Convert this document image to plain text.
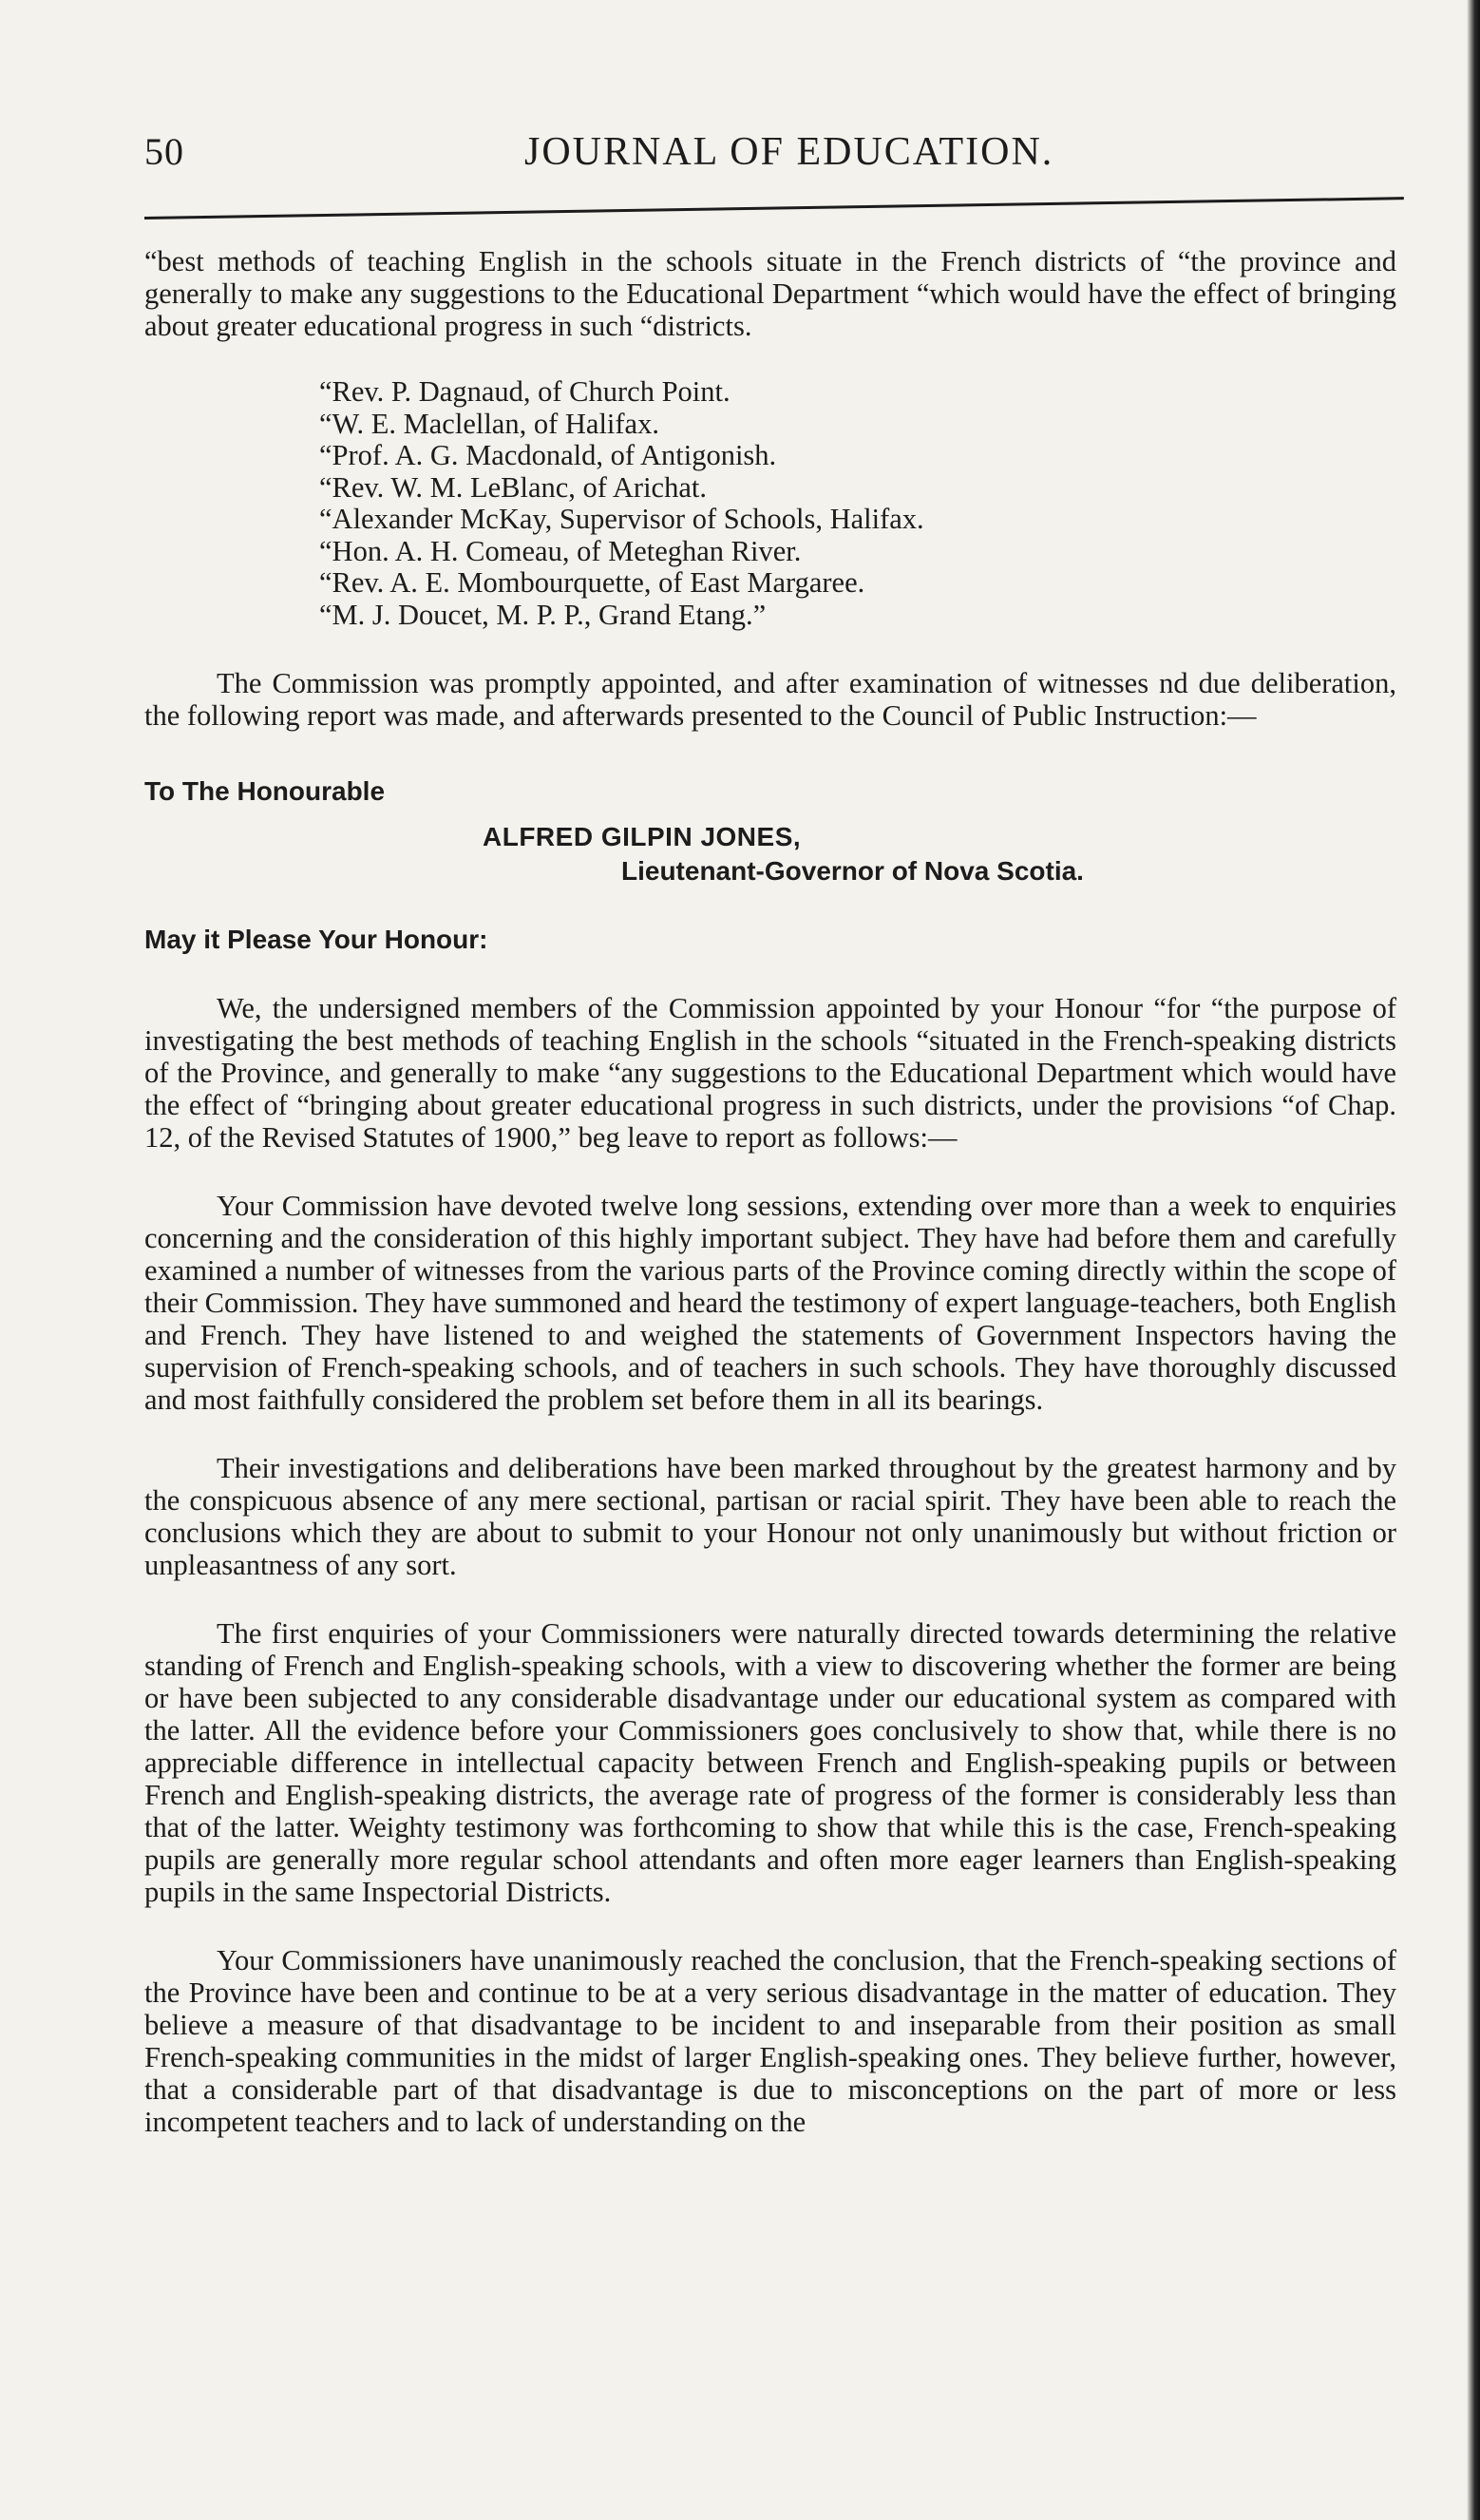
50	JOURNAL OF EDUCATION.

“best methods of teaching English in the schools situate in the French districts of “the province and generally to make any suggestions to the Educational Department “which would have the effect of bringing about greater educational progress in such “districts.

“Rev. P. Dagnaud, of Church Point.
“W. E. Maclellan, of Halifax.
“Prof. A. G. Macdonald, of Antigonish.
“Rev. W. M. LeBlanc, of Arichat.
“Alexander McKay, Supervisor of Schools, Halifax.
“Hon. A. H. Comeau, of Meteghan River.
“Rev. A. E. Mombourquette, of East Margaree.
“M. J. Doucet, M. P. P., Grand Etang.”

The Commission was promptly appointed, and after examination of witnesses nd due deliberation, the following report was made, and afterwards presented to the Council of Public Instruction:—

To The Honourable
ALFRED GILPIN JONES,
Lieutenant-Governor of Nova Scotia.
May it Please Your Honour:

We, the undersigned members of the Commission appointed by your Honour “for “the purpose of investigating the best methods of teaching English in the schools “situated in the French-speaking districts of the Province, and generally to make “any suggestions to the Educational Department which would have the effect of “bringing about greater educational progress in such districts, under the provisions “of Chap. 12, of the Revised Statutes of 1900,” beg leave to report as follows:—

Your Commission have devoted twelve long sessions, extending over more than a week to enquiries concerning and the consideration of this highly important subject. They have had before them and carefully examined a number of witnesses from the various parts of the Province coming directly within the scope of their Commission. They have summoned and heard the testimony of expert language-teachers, both English and French. They have listened to and weighed the statements of Government Inspectors having the supervision of French-speaking schools, and of teachers in such schools. They have thoroughly discussed and most faithfully considered the problem set before them in all its bearings.

Their investigations and deliberations have been marked throughout by the greatest harmony and by the conspicuous absence of any mere sectional, partisan or racial spirit. They have been able to reach the conclusions which they are about to submit to your Honour not only unanimously but without friction or unpleasantness of any sort.

The first enquiries of your Commissioners were naturally directed towards determining the relative standing of French and English-speaking schools, with a view to discovering whether the former are being or have been subjected to any considerable disadvantage under our educational system as compared with the latter. All the evidence before your Commissioners goes conclusively to show that, while there is no appreciable difference in intellectual capacity between French and English-speaking pupils or between French and English-speaking districts, the average rate of progress of the former is considerably less than that of the latter. Weighty testimony was forthcoming to show that while this is the case, French-speaking pupils are generally more regular school attendants and often more eager learners than English-speaking pupils in the same Inspectorial Districts.

Your Commissioners have unanimously reached the conclusion, that the French-speaking sections of the Province have been and continue to be at a very serious disadvantage in the matter of education. They believe a measure of that disadvantage to be incident to and inseparable from their position as small French-speaking communities in the midst of larger English-speaking ones. They believe further, however, that a considerable part of that disadvantage is due to misconceptions on the part of more or less incompetent teachers and to lack of understanding on the
